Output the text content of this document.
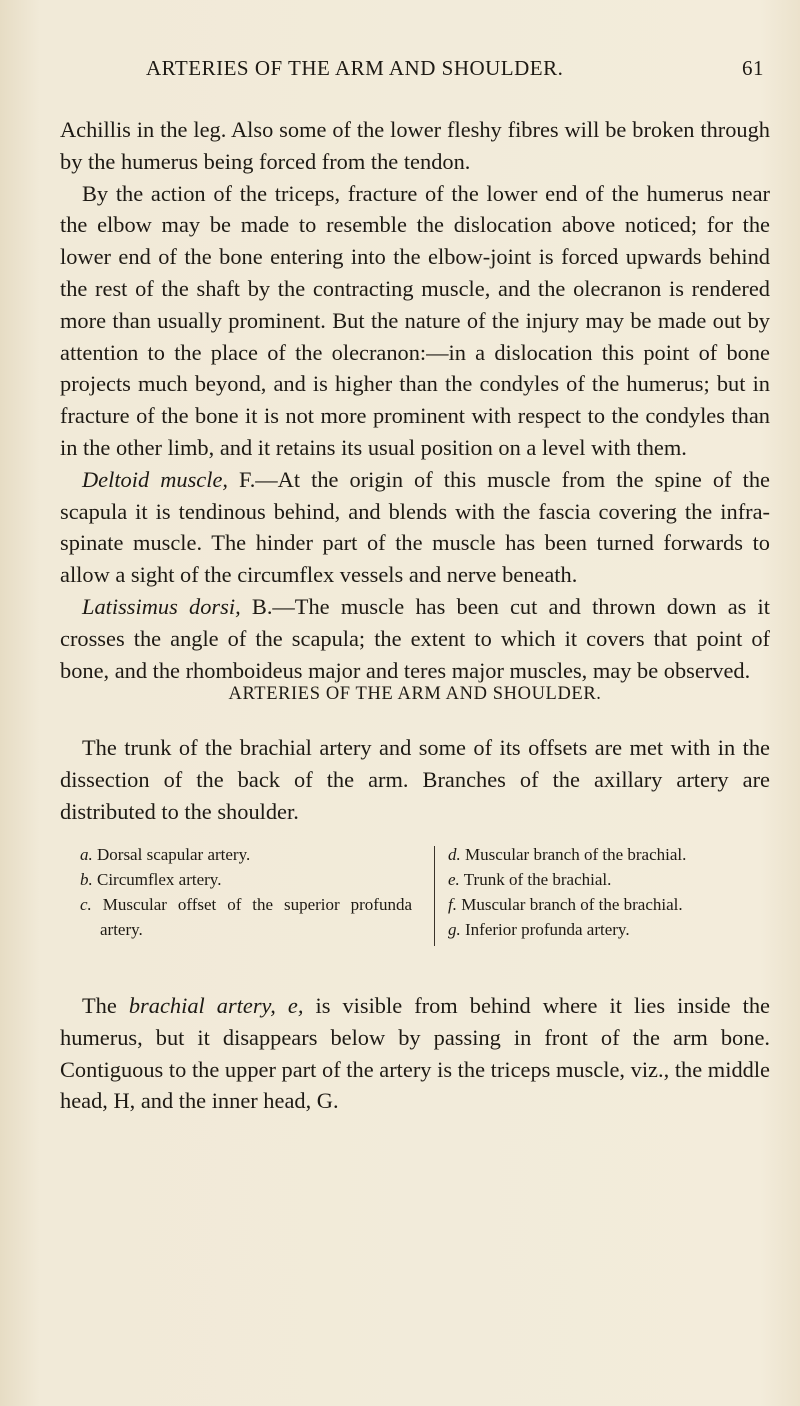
ARTERIES OF THE ARM AND SHOULDER.	61

Achillis in the leg. Also some of the lower fleshy fibres will be broken through by the humerus being forced from the tendon.

By the action of the triceps, fracture of the lower end of the humerus near the elbow may be made to resemble the dislocation above noticed; for the lower end of the bone entering into the elbow-joint is forced upwards behind the rest of the shaft by the contracting muscle, and the olecranon is rendered more than usually prominent. But the nature of the injury may be made out by attention to the place of the olecranon:—in a dislocation this point of bone projects much beyond, and is higher than the condyles of the humerus; but in fracture of the bone it is not more prominent with respect to the condyles than in the other limb, and it retains its usual position on a level with them.

Deltoid muscle, F.—At the origin of this muscle from the spine of the scapula it is tendinous behind, and blends with the fascia covering the infra-spinate muscle. The hinder part of the muscle has been turned forwards to allow a sight of the circumflex vessels and nerve beneath.

Latissimus dorsi, B.—The muscle has been cut and thrown down as it crosses the angle of the scapula; the extent to which it covers that point of bone, and the rhomboideus major and teres major muscles, may be observed.

ARTERIES OF THE ARM AND SHOULDER.

The trunk of the brachial artery and some of its offsets are met with in the dissection of the back of the arm. Branches of the axillary artery are distributed to the shoulder.

a. Dorsal scapular artery.
b. Circumflex artery.
c. Muscular offset of the superior profunda artery.
d. Muscular branch of the brachial.
e. Trunk of the brachial.
f. Muscular branch of the brachial.
g. Inferior profunda artery.

The brachial artery, e, is visible from behind where it lies inside the humerus, but it disappears below by passing in front of the arm bone. Contiguous to the upper part of the artery is the triceps muscle, viz., the middle head, H, and the inner head, G.
